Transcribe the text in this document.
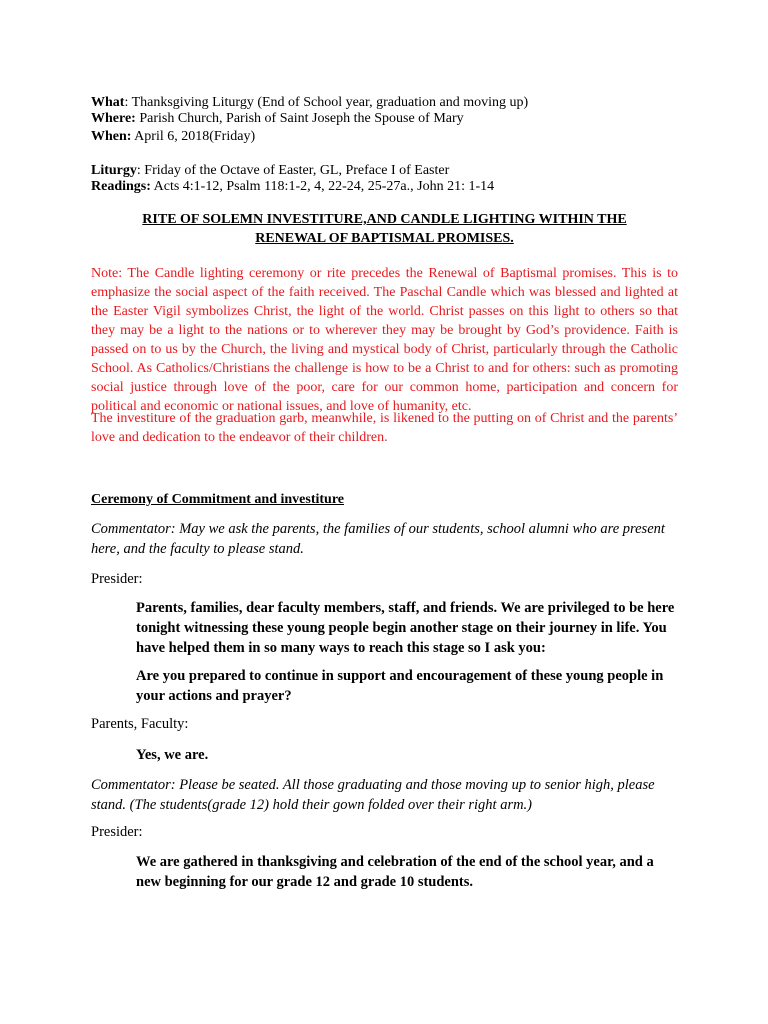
What: Thanksgiving Liturgy (End of School year, graduation and moving up)
Where: Parish Church, Parish of Saint Joseph the Spouse of Mary
When: April 6, 2018(Friday)
Liturgy: Friday of the Octave of Easter, GL, Preface I of Easter
Readings: Acts 4:1-12, Psalm 118:1-2, 4, 22-24, 25-27a., John 21: 1-14
RITE OF SOLEMN INVESTITURE,AND CANDLE LIGHTING WITHIN THE
RENEWAL OF BAPTISMAL PROMISES.
Note: The Candle lighting ceremony or rite precedes the Renewal of Baptismal promises. This is to emphasize the social aspect of the faith received. The Paschal Candle which was blessed and lighted at the Easter Vigil symbolizes Christ, the light of the world. Christ passes on this light to others so that they may be a light to the nations or to wherever they may be brought by God’s providence. Faith is passed on to us by the Church, the living and mystical body of Christ, particularly through the Catholic School. As Catholics/Christians the challenge is how to be a Christ to and for others: such as promoting social justice through love of the poor, care for our common home, participation and concern for political and economic or national issues, and love of humanity, etc.
The investiture of the graduation garb, meanwhile, is likened to the putting on of Christ and the parents’ love and dedication to the endeavor of their children.
Ceremony of Commitment and investiture
Commentator: May we ask the parents, the families of our students, school alumni who are present here, and the faculty to please stand.
Presider:
Parents, families, dear faculty members, staff, and friends. We are privileged to be here tonight witnessing these young people begin another stage on their journey in life. You have helped them in so many ways to reach this stage so I ask you:
Are you prepared to continue in support and encouragement of these young people in your actions and prayer?
Parents, Faculty:
Yes, we are.
Commentator: Please be seated. All those graduating and those moving up to senior high, please stand. (The students(grade 12) hold their gown folded over their right arm.)
Presider:
We are gathered in thanksgiving and celebration of the end of the school year, and a new beginning for our grade 12 and grade 10 students.
